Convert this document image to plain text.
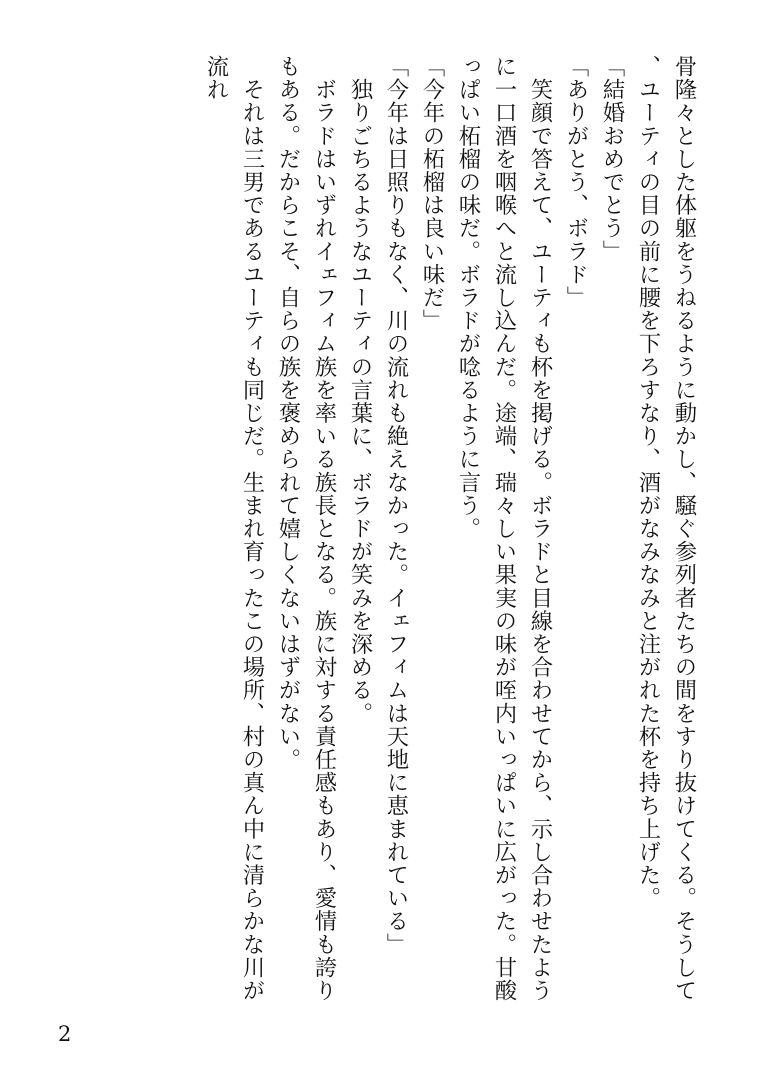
骨隆々とした体躯をうねるように動かし、騒ぐ参列者たちの間をすり抜けてくる。そうして、ユーティの目の前に腰を下ろすなり、酒がなみなみと注がれた杯を持ち上げた。

「結婚おめでとう」

「ありがとう、ボラド」

　笑顔で答えて、ユーティも杯を掲げる。ボラドと目線を合わせてから、示し合わせたように一口酒を咽喉へと流し込んだ。途端、瑞々しい果実の味が咥内いっぱいに広がった。甘酸っぱい柘榴の味だ。ボラドが唸るように言う。

「今年の柘榴は良い味だ」

「今年は日照りもなく、川の流れも絶えなかった。イェフィムは天地に恵まれている」

　独りごちるようなユーティの言葉に、ボラドが笑みを深める。

　ボラドはいずれイェフィム族を率いる族長となる。族に対する責任感もあり、愛情も誇りもある。だからこそ、自らの族を褒められて嬉しくないはずがない。

　それは三男であるユーティも同じだ。生まれ育ったこの場所、村の真ん中に清らかな川が流れ

2
